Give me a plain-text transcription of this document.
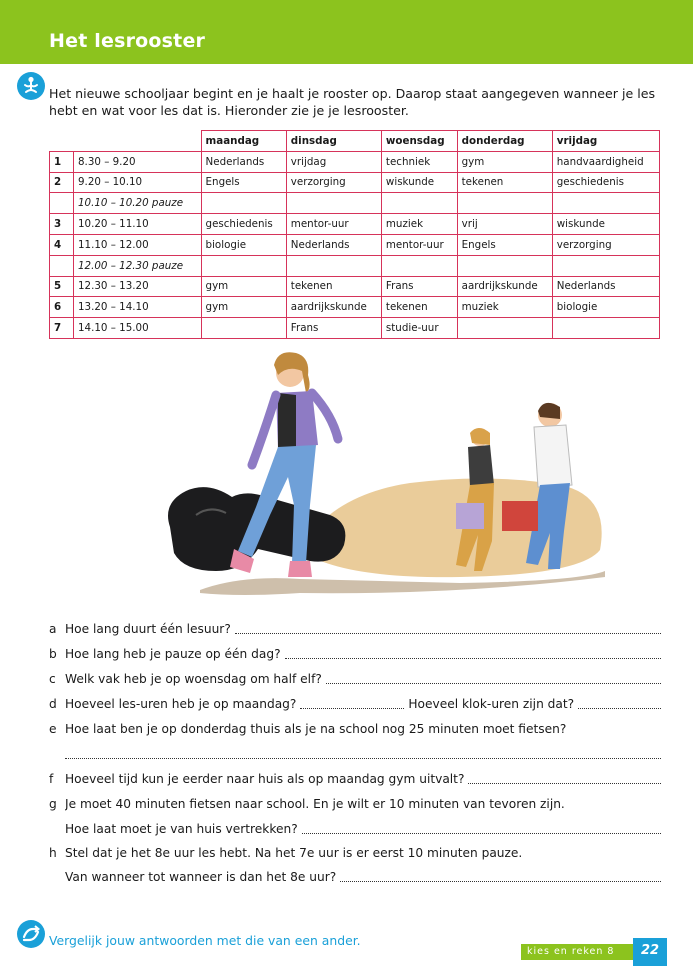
Het lesrooster

Het nieuwe schooljaar begint en je haalt je rooster op. Daarop staat aangegeven wanneer je les hebt en wat voor les dat is. Hieronder zie je je lesrooster.

		maandag	dinsdag	woensdag	donderdag	vrijdag
1	8.30 – 9.20	Nederlands	vrijdag	techniek	gym	handvaardigheid
2	9.20 – 10.10	Engels	verzorging	wiskunde	tekenen	geschiedenis
	10.10 – 10.20 pauze					
3	10.20 – 11.10	geschiedenis	mentor-uur	muziek	vrij	wiskunde
4	11.10 – 12.00	biologie	Nederlands	mentor-uur	Engels	verzorging
	12.00 – 12.30 pauze					
5	12.30 – 13.20	gym	tekenen	Frans	aardrijkskunde	Nederlands
6	13.20 – 14.10	gym	aardrijkskunde	tekenen	muziek	biologie
7	14.10 – 15.00		Frans	studie-uur		
a Hoe lang duurt één lesuur?
b Hoe lang heb je pauze op één dag?
c Welk vak heb je op woensdag om half elf?
d Hoeveel les-uren heb je op maandag?	Hoeveel klok-uren zijn dat?
e Hoe laat ben je op donderdag thuis als je na school nog 25 minuten moet fietsen?
f Hoeveel tijd kun je eerder naar huis als op maandag gym uitvalt?
g Je moet 40 minuten fietsen naar school. En je wilt er 10 minuten van tevoren zijn.
Hoe laat moet je van huis vertrekken?
h Stel dat je het 8e uur les hebt. Na het 7e uur is er eerst 10 minuten pauze.
Van wanneer tot wanneer is dan het 8e uur?

Vergelijk jouw antwoorden met die van een ander.

kies en reken 8 22
